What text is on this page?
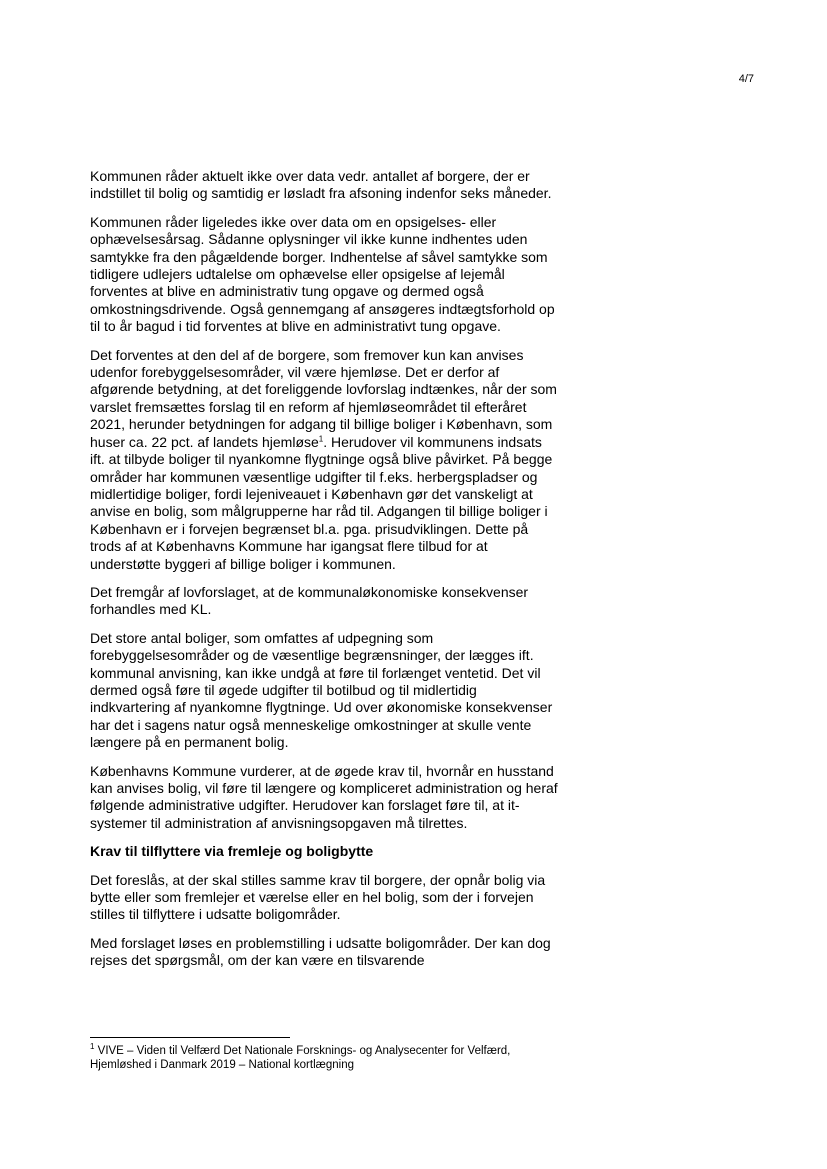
4/7

Kommunen råder aktuelt ikke over data vedr. antallet af borgere, der er indstillet til bolig og samtidig er løsladt fra afsoning indenfor seks måneder.

Kommunen råder ligeledes ikke over data om en opsigelses- eller ophævelsesårsag. Sådanne oplysninger vil ikke kunne indhentes uden samtykke fra den pågældende borger. Indhentelse af såvel samtykke som tidligere udlejers udtalelse om ophævelse eller opsigelse af lejemål forventes at blive en administrativ tung opgave og dermed også omkostningsdrivende. Også gennemgang af ansøgeres indtægtsforhold op til to år bagud i tid forventes at blive en administrativt tung opgave.

Det forventes at den del af de borgere, som fremover kun kan anvises udenfor forebyggelsesområder, vil være hjemløse. Det er derfor af afgørende betydning, at det foreliggende lovforslag indtænkes, når der som varslet fremsættes forslag til en reform af hjemløseområdet til efteråret 2021, herunder betydningen for adgang til billige boliger i København, som huser ca. 22 pct. af landets hjemløse$^1$. Herudover vil kommunens indsats ift. at tilbyde boliger til nyankomne flygtninge også blive påvirket. På begge områder har kommunen væsentlige udgifter til f.eks. herbergspladser og midlertidige boliger, fordi lejeniveauet i København gør det vanskeligt at anvise en bolig, som målgrupperne har råd til. Adgangen til billige boliger i København er i forvejen begrænset bl.a. pga. prisudviklingen. Dette på trods af at Københavns Kommune har igangsat flere tilbud for at understøtte byggeri af billige boliger i kommunen.

Det fremgår af lovforslaget, at de kommunaløkonomiske konsekvenser forhandles med KL.

Det store antal boliger, som omfattes af udpegning som forebyggelsesområder og de væsentlige begrænsninger, der lægges ift. kommunal anvisning, kan ikke undgå at føre til forlænget ventetid. Det vil dermed også føre til øgede udgifter til botilbud og til midlertidig indkvartering af nyankomne flygtninge. Ud over økonomiske konsekvenser har det i sagens natur også menneskelige omkostninger at skulle vente længere på en permanent bolig.

Københavns Kommune vurderer, at de øgede krav til, hvornår en husstand kan anvises bolig, vil føre til længere og kompliceret administration og heraf følgende administrative udgifter. Herudover kan forslaget føre til, at it-systemer til administration af anvisningsopgaven må tilrettes.

Krav til tilflyttere via fremleje og boligbytte

Det foreslås, at der skal stilles samme krav til borgere, der opnår bolig via bytte eller som fremlejer et værelse eller en hel bolig, som der i forvejen stilles til tilflyttere i udsatte boligområder.

Med forslaget løses en problemstilling i udsatte boligområder. Der kan dog rejses det spørgsmål, om der kan være en tilsvarende

$^1$ VIVE – Viden til Velfærd Det Nationale Forsknings- og Analysecenter for Velfærd, Hjemløshed i Danmark 2019 – National kortlægning
